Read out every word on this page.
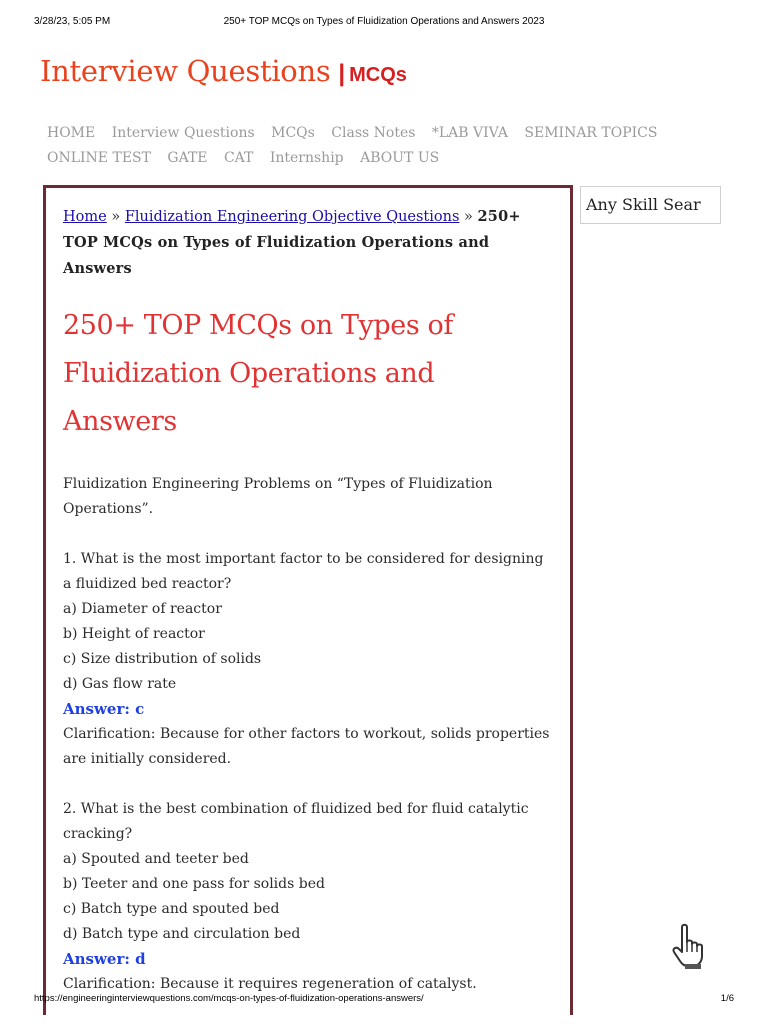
3/28/23, 5:05 PM	250+ TOP MCQs on Types of Fluidization Operations and Answers 2023
Interview Questions | MCQs
HOME Interview Questions MCQs Class Notes *LAB VIVA SEMINAR TOPICS
ONLINE TEST GATE CAT Internship ABOUT US
Home » Fluidization Engineering Objective Questions » 250+ TOP MCQs on Types of Fluidization Operations and Answers
250+ TOP MCQs on Types of Fluidization Operations and Answers

Fluidization Engineering Problems on “Types of Fluidization Operations”.

1. What is the most important factor to be considered for designing a fluidized bed reactor?
a) Diameter of reactor
b) Height of reactor
c) Size distribution of solids
d) Gas flow rate
Answer: c
Clarification: Because for other factors to workout, solids properties are initially considered.
2. What is the best combination of fluidized bed for fluid catalytic cracking?
a) Spouted and teeter bed
b) Teeter and one pass for solids bed
c) Batch type and spouted bed
d) Batch type and circulation bed
Answer: d
Clarification: Because it requires regeneration of catalyst.
Any Skill Sear
https://engineeringinterviewquestions.com/mcqs-on-types-of-fluidization-operations-answers/	1/6
